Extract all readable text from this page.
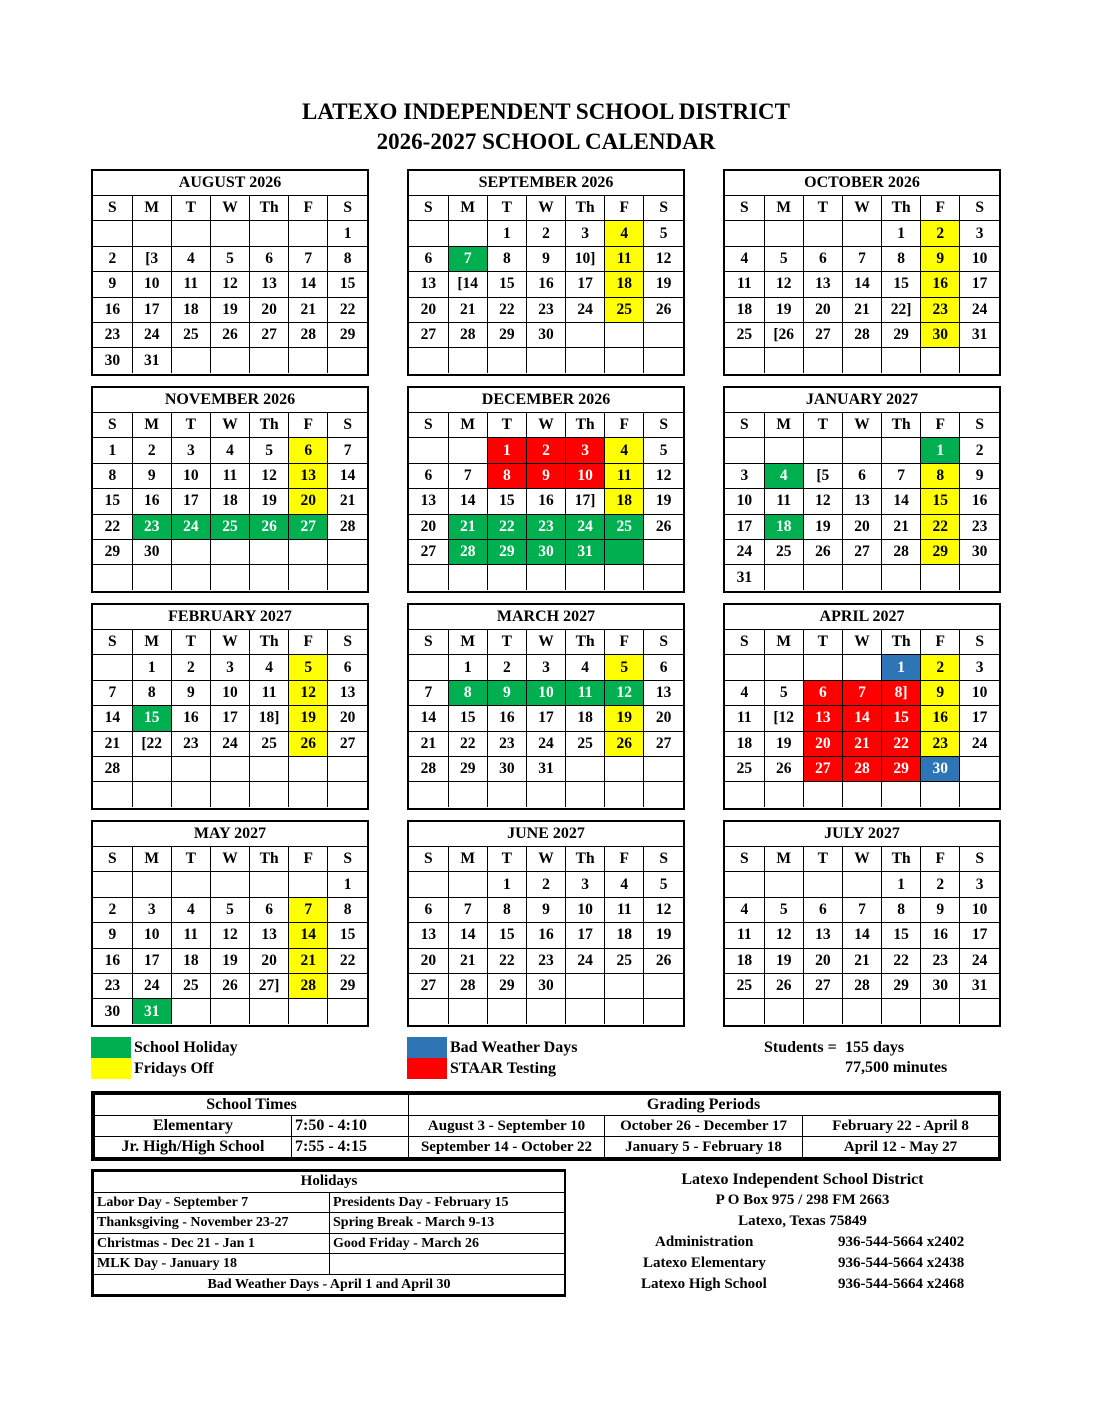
LATEXO INDEPENDENT SCHOOL DISTRICT
2026-2027 SCHOOL CALENDAR
AUGUST 2026
S	M	T	W	Th	F	S
						1
2	[3	4	5	6	7	8
9	10	11	12	13	14	15
16	17	18	19	20	21	22
23	24	25	26	27	28	29
30	31					
SEPTEMBER 2026
S	M	T	W	Th	F	S
		1	2	3	4	5
6	7	8	9	10]	11	12
13	[14	15	16	17	18	19
20	21	22	23	24	25	26
27	28	29	30			

OCTOBER 2026
S	M	T	W	Th	F	S
				1	2	3
4	5	6	7	8	9	10
11	12	13	14	15	16	17
18	19	20	21	22]	23	24
25	[26	27	28	29	30	31

NOVEMBER 2026
S	M	T	W	Th	F	S
1	2	3	4	5	6	7
8	9	10	11	12	13	14
15	16	17	18	19	20	21
22	23	24	25	26	27	28
29	30					

DECEMBER 2026
S	M	T	W	Th	F	S
		1	2	3	4	5
6	7	8	9	10	11	12
13	14	15	16	17]	18	19
20	21	22	23	24	25	26
27	28	29	30	31		

JANUARY 2027
S	M	T	W	Th	F	S
					1	2
3	4	[5	6	7	8	9
10	11	12	13	14	15	16
17	18	19	20	21	22	23
24	25	26	27	28	29	30
31						
FEBRUARY 2027
S	M	T	W	Th	F	S
	1	2	3	4	5	6
7	8	9	10	11	12	13
14	15	16	17	18]	19	20
21	[22	23	24	25	26	27
28						

MARCH 2027
S	M	T	W	Th	F	S
	1	2	3	4	5	6
7	8	9	10	11	12	13
14	15	16	17	18	19	20
21	22	23	24	25	26	27
28	29	30	31			

APRIL 2027
S	M	T	W	Th	F	S
				1	2	3
4	5	6	7	8]	9	10
11	[12	13	14	15	16	17
18	19	20	21	22	23	24
25	26	27	28	29	30	

MAY 2027
S	M	T	W	Th	F	S
						1
2	3	4	5	6	7	8
9	10	11	12	13	14	15
16	17	18	19	20	21	22
23	24	25	26	27]	28	29
30	31					
JUNE 2027
S	M	T	W	Th	F	S
		1	2	3	4	5
6	7	8	9	10	11	12
13	14	15	16	17	18	19
20	21	22	23	24	25	26
27	28	29	30			

JULY 2027
S	M	T	W	Th	F	S
				1	2	3
4	5	6	7	8	9	10
11	12	13	14	15	16	17
18	19	20	21	22	23	24
25	26	27	28	29	30	31

School Holiday
Fridays Off
Bad Weather Days
STAAR Testing
Students = 155 days
77,500 minutes
School Times		Grading Periods		
Elementary	7:50 - 4:10	August 3 - September 10	October 26 - December 17	February 22 - April 8
Jr. High/High School	7:55 - 4:15	September 14 - October 22	January 5 - February 18	April 12 - May 27
Holidays	
Labor Day - September 7	Presidents Day - February 15
Thanksgiving - November 23-27	Spring Break - March 9-13
Christmas - Dec 21 - Jan 1	Good Friday - March 26
MLK Day - January 18	
Bad Weather Days - April 1 and April 30	
Latexo Independent School District
P O Box 975 / 298 FM 2663
Latexo, Texas 75849
Administration	936-544-5664 x2402
Latexo Elementary	936-544-5664 x2438
Latexo High School	936-544-5664 x2468
